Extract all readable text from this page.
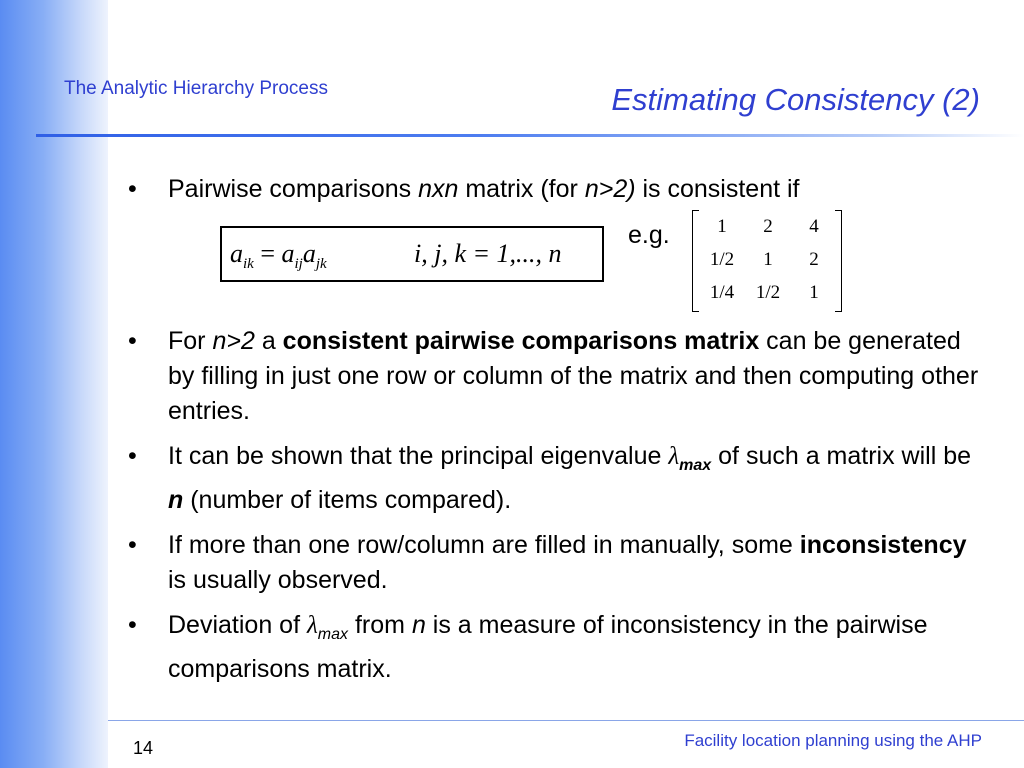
The Analytic Hierarchy Process	Estimating Consistency (2)
• Pairwise comparisons nxn matrix (for n>2) is consistent if
$a_{ik} = a_{ij}a_{jk}$	i, j, k = 1,..., n
e.g.	1	2	4
1/2	1	2
1/4	1/2	1
• For n>2 a consistent pairwise comparisons matrix can be generated by filling in just one row or column of the matrix and then computing other entries.
• It can be shown that the principal eigenvalue $\lambda_{max}$ of such a matrix will be n (number of items compared).
• If more than one row/column are filled in manually, some inconsistency is usually observed.
• Deviation of $\lambda_{max}$ from n is a measure of inconsistency in the pairwise comparisons matrix.
14	Facility location planning using the AHP
